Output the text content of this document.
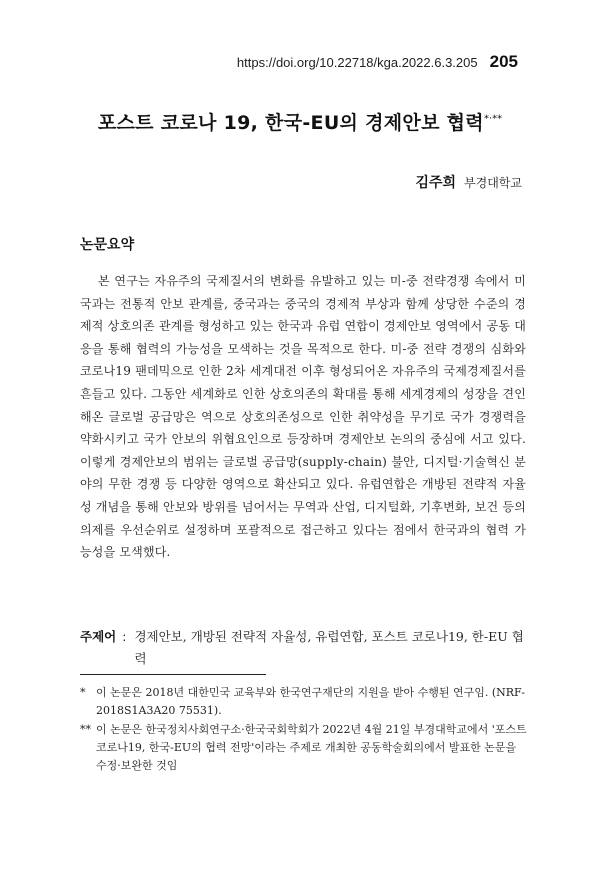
https://doi.org/10.22718/kga.2022.6.3.205 205
포스트 코로나 19, 한국-EU의 경제안보 협력*·**
김주희 부경대학교
논문요약
본 연구는 자유주의 국제질서의 변화를 유발하고 있는 미-중 전략경쟁 속에서 미국과는 전통적 안보 관계를, 중국과는 중국의 경제적 부상과 함께 상당한 수준의 경제적 상호의존 관계를 형성하고 있는 한국과 유럽 연합이 경제안보 영역에서 공동 대응을 통해 협력의 가능성을 모색하는 것을 목적으로 한다. 미-중 전략 경쟁의 심화와 코로나19 팬데믹으로 인한 2차 세계대전 이후 형성되어온 자유주의 국제경제질서를 흔들고 있다. 그동안 세계화로 인한 상호의존의 확대를 통해 세계경제의 성장을 견인해온 글로벌 공급망은 역으로 상호의존성으로 인한 취약성을 무기로 국가 경쟁력을 약화시키고 국가 안보의 위협요인으로 등장하며 경제안보 논의의 중심에 서고 있다. 이렇게 경제안보의 범위는 글로벌 공급망(supply-chain) 불안, 디지털·기술혁신 분야의 무한 경쟁 등 다양한 영역으로 확산되고 있다. 유럽연합은 개방된 전략적 자율성 개념을 통해 안보와 방위를 넘어서는 무역과 산업, 디지털화, 기후변화, 보건 등의 의제를 우선순위로 설정하며 포괄적으로 접근하고 있다는 점에서 한국과의 협력 가능성을 모색했다.
주제어 : 경제안보, 개방된 전략적 자율성, 유럽연합, 포스트 코로나19, 한-EU 협력
* 이 논문은 2018년 대한민국 교육부와 한국연구재단의 지원을 받아 수행된 연구임. (NRF-2018S1A3A20 75531).
** 이 논문은 한국정치사회연구소·한국국회학회가 2022년 4월 21일 부경대학교에서 '포스트 코로나19, 한국-EU의 협력 전망'이라는 주제로 개최한 공동학술회의에서 발표한 논문을 수정·보완한 것임
